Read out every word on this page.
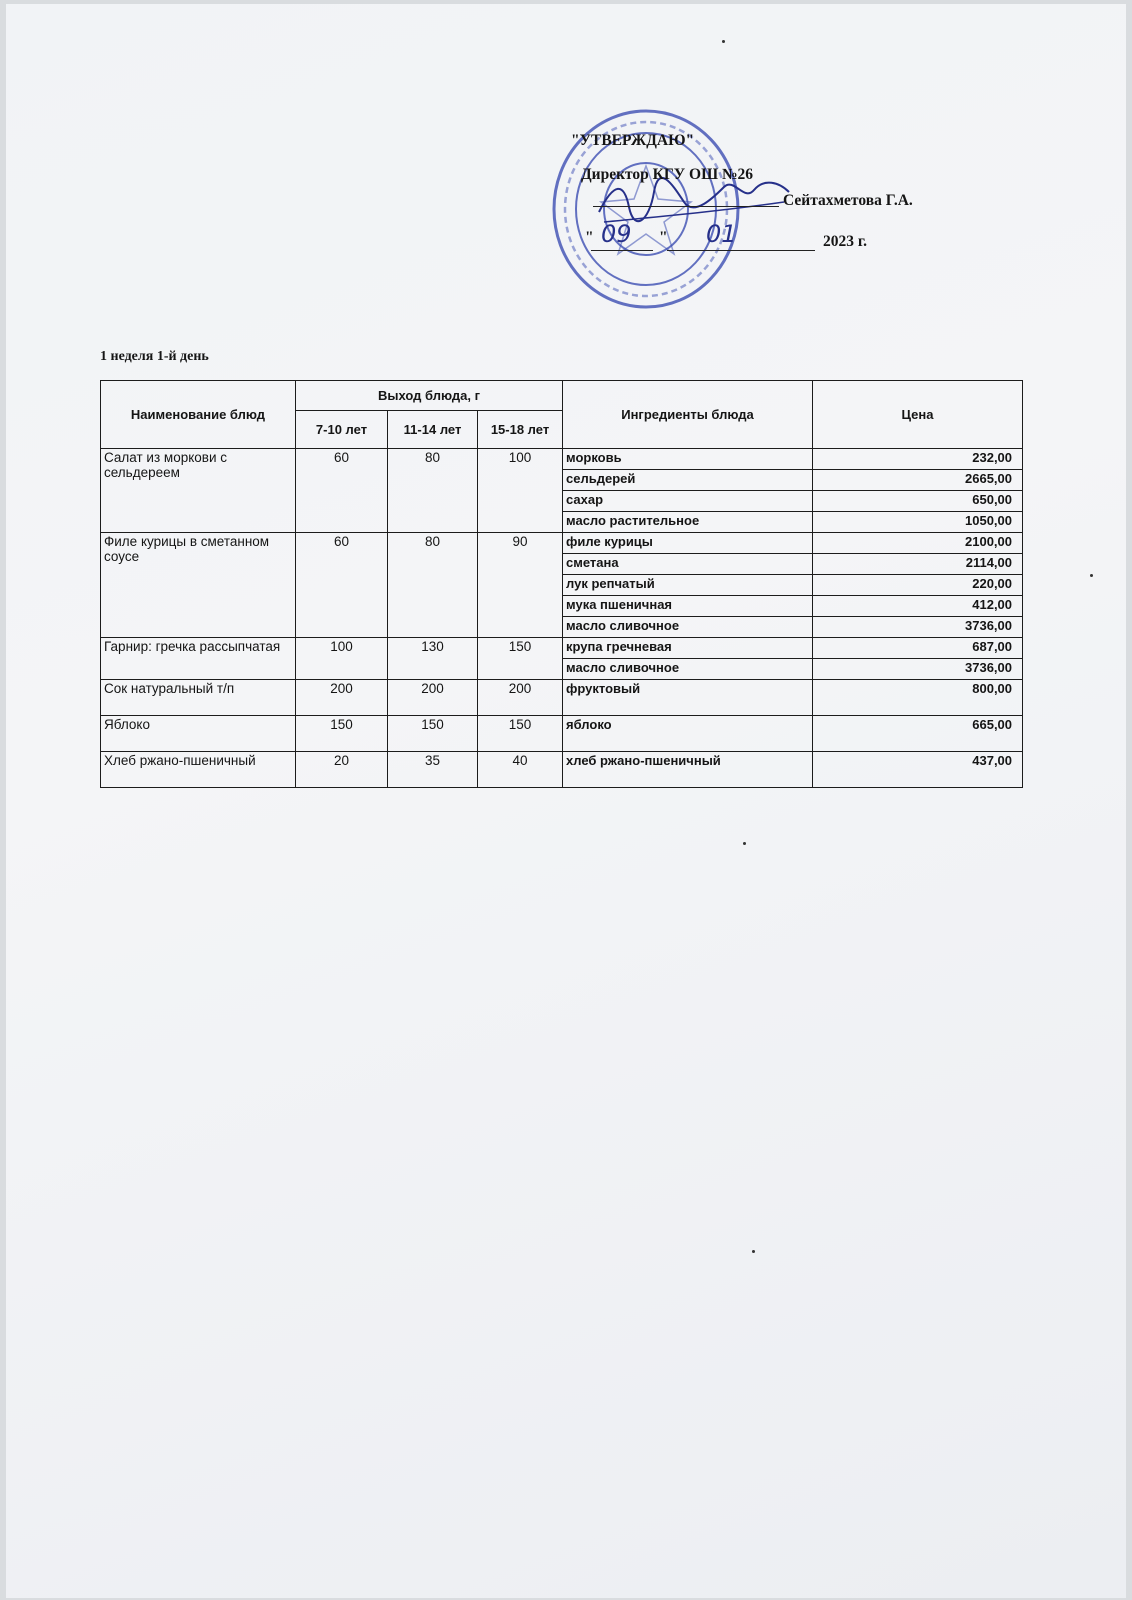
"УТВЕРЖДАЮ"
Директор КГУ ОШ №26
Сейтахметова Г.А.
" 09 " 01	2023 г.
1 неделя 1-й день
Наименование блюд	Выход блюда, г			Ингредиенты блюда	Цена
	7-10 лет	11-14 лет	15-18 лет		
Салат из моркови с сельдереем	60	80	100	морковь	232,00
				сельдерей	2665,00
				сахар	650,00
				масло растительное	1050,00
Филе курицы в сметанном соусе	60	80	90	филе курицы	2100,00
				сметана	2114,00
				лук репчатый	220,00
				мука пшеничная	412,00
				масло сливочное	3736,00
Гарнир: гречка рассыпчатая	100	130	150	крупа гречневая	687,00
				масло сливочное	3736,00
Сок натуральный т/п	200	200	200	фруктовый	800,00
Яблоко	150	150	150	яблоко	665,00
Хлеб ржано-пшеничный	20	35	40	хлеб ржано-пшеничный	437,00
